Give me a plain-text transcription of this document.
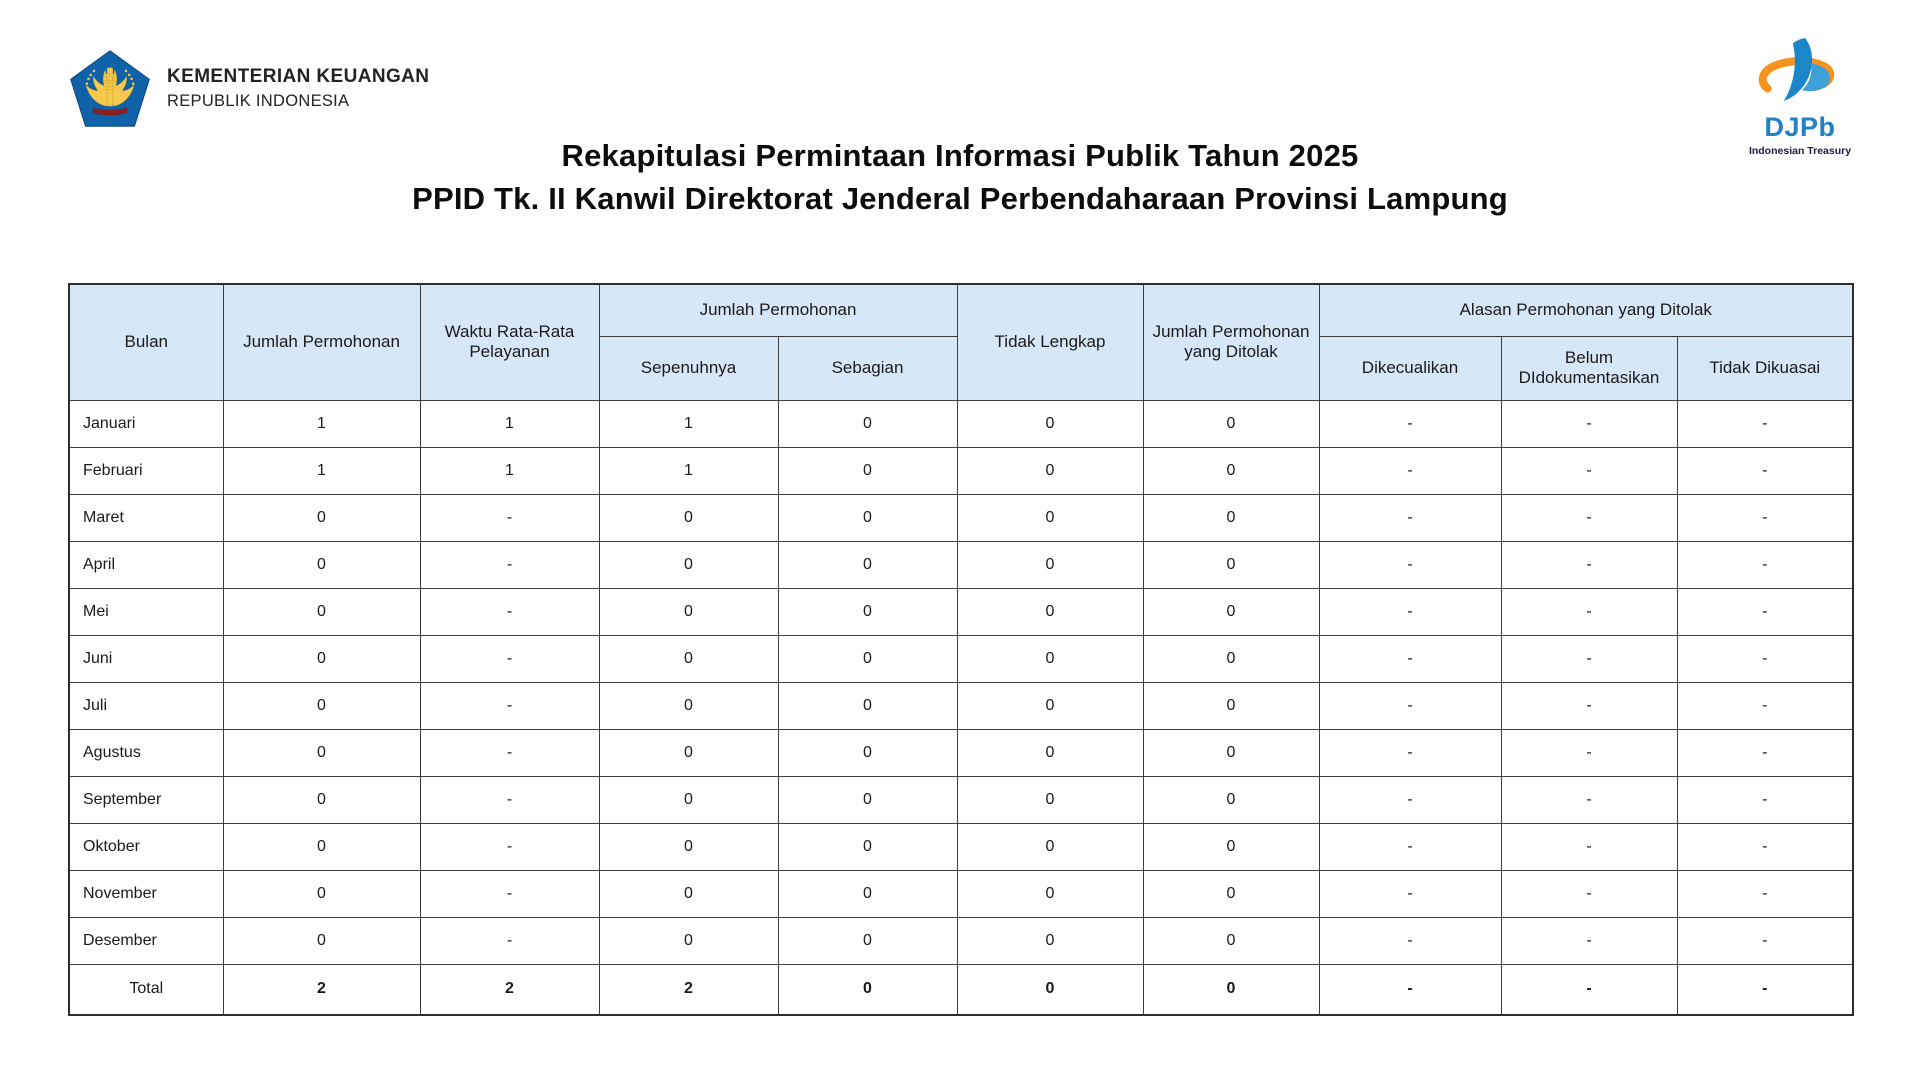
KEMENTERIAN KEUANGAN
REPUBLIK INDONESIA
DJPb
Indonesian Treasury
Rekapitulasi Permintaan Informasi Publik Tahun 2025
PPID Tk. II Kanwil Direktorat Jenderal Perbendaharaan Provinsi Lampung
Bulan	Jumlah Permohonan	Waktu Rata-Rata Pelayanan	Jumlah Permohonan		Tidak Lengkap	Jumlah Permohonan yang Ditolak	Alasan Permohonan yang Ditolak		
			Sepenuhnya	Sebagian			Dikecualikan	Belum DIdokumentasikan	Tidak Dikuasai
Januari	1	1	1	0	0	0	-	-	-
Februari	1	1	1	0	0	0	-	-	-
Maret	0	-	0	0	0	0	-	-	-
April	0	-	0	0	0	0	-	-	-
Mei	0	-	0	0	0	0	-	-	-
Juni	0	-	0	0	0	0	-	-	-
Juli	0	-	0	0	0	0	-	-	-
Agustus	0	-	0	0	0	0	-	-	-
September	0	-	0	0	0	0	-	-	-
Oktober	0	-	0	0	0	0	-	-	-
November	0	-	0	0	0	0	-	-	-
Desember	0	-	0	0	0	0	-	-	-
Total	2	2	2	0	0	0	-	-	-
